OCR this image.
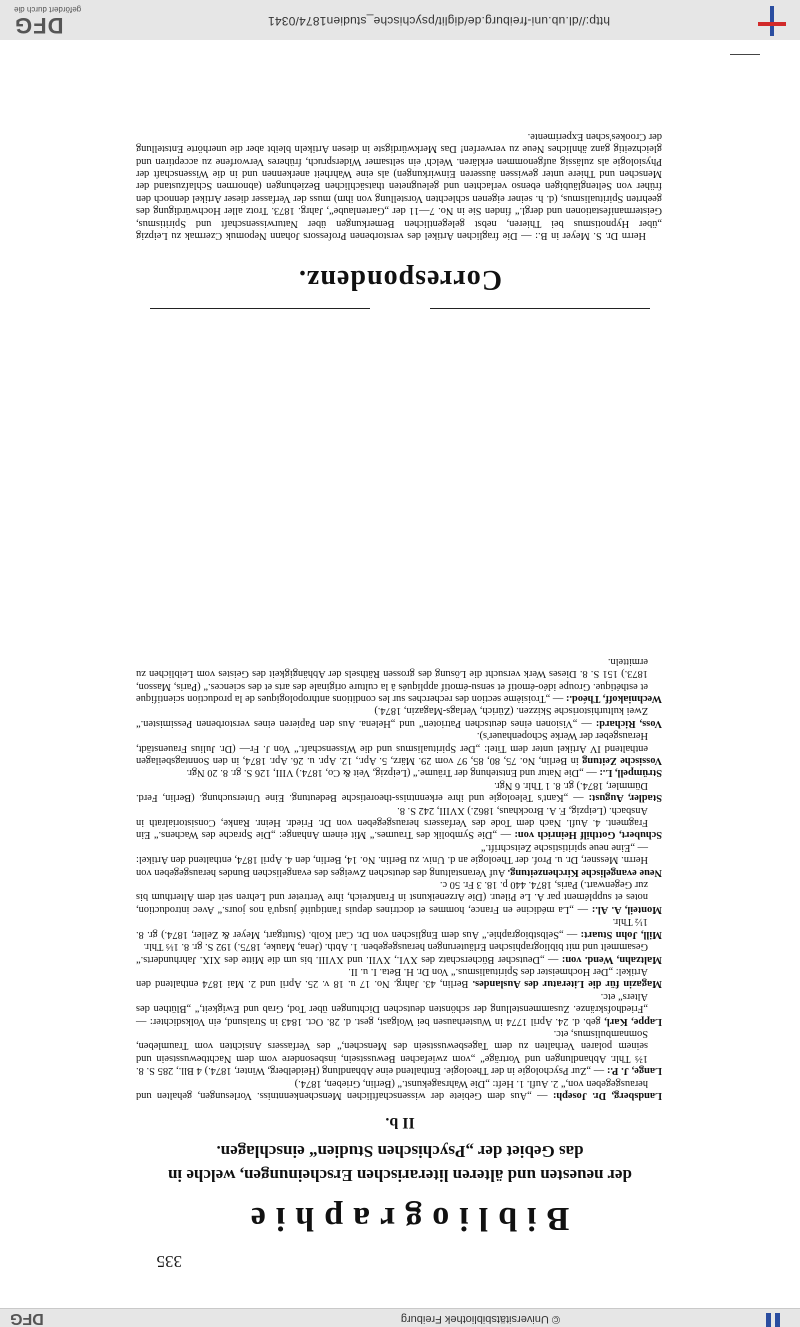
http://dl.ub.uni-freiburg.de/diglit/psychische_studien1874/0341
DFG
gefördert durch die
335
Bibliographie
der neuesten und älteren literarischen Erscheinungen, welche in
das Gebiet der „Psychischen Studien“ einschlagen.
II b.

Landsberg, Dr. Joseph: — „Aus dem Gebiete der wissenschaftlichen Menschenkenntniss. Vorlesungen, gehalten und herausgegeben von,“ 2. Aufl. 1. Heft: „Die Wahrsagekunst.“ (Berlin, Grieben, 1874.)

Lange, J. P.: — „Zur Psychologie in der Theologie. Enthaltend eine Abhandlung (Heidelberg, Winter, 1874.) 4 Bll., 285 S. 8. 1⅔ Thlr. Abhandlungen und Vorträge“ „vom zwiefachen Bewusstsein, insbesondere vom dem Nachtbewusstsein und seinem polaren Verhalten zu dem Tagesbewusstsein des Menschen,“ des Verfassers Ansichten vom Traumleben, Somnambulismus, etc.

Lappe, Karl, geb. d. 24. April 1774 in Wusterhausen bei Wolgast, gest. d. 28. Oct. 1843 in Stralsund, ein Volksdichter: — „Friedhofskränze. Zusammenstellung der schönsten deutschen Dichtungen über Tod, Grab und Ewigkeit,“ „Blüthen des Alters“ etc.

Magazin für die Literatur des Auslandes. Berlin, 43. Jahrg. No. 17 u. 18 v. 25. April und 2. Mai 1874 enthaltend den Artikel: „Der Hochmeister des Spiritualismus.“ Von Dr. H. Beta. I. u. II.

Maltzahn, Wend. von: — „Deutscher Bücherschatz des XVI., XVII. und XVIII. bis um die Mitte des XIX. Jahrhunderts.“ Gesammelt und mit bibliographischen Erläuterungen herausgegeben. 1. Abth. (Jena, Mauke, 1875.) 192 S. gr. 8. 1⅓ Thlr.

Mill, John Stuart: — „Selbstbiographie.“ Aus dem Englischen von Dr. Carl Kolb. (Stuttgart, Meyer & Zeller, 1874.) gr. 8. 1½ Thlr.

Monteil, A. Al.: — „La médicine en France, hommes et doctrines depuis l'antiquité jusqu'à nos jours.“ Avec introduction, notes et supplément par A. Le Pileur. (Die Arzeneikunst in Frankreich, ihre Vertreter und Lehren seit dem Alterthum bis zur Gegenwart.) Paris, 1874. 440 p. 18. 3 Fr. 50 c.

Neue evangelische Kirchenzeitung. Auf Veranstaltung des deutschen Zweiges des evangelischen Bundes herausgegeben von Herrn. Messner, Dr. u. Prof. der Theologie an d. Univ. zu Berlin. No. 14, Berlin, den 4. April 1874, enthaltend den Artikel: — „Eine neue spiritistische Zeitschrift.“

Schubert, Gotthilf Heinrich von: — „Die Symbolik des Traumes.“ Mit einem Anhange: „Die Sprache des Wachens.“ Ein Fragment. 4. Aufl. Nach dem Tode des Verfassers herausgegeben von Dr. Friedr. Heinr. Ranke, Consistorialrath in Ansbach. (Leipzig, F. A. Brockhaus, 1862.) XVIII, 242 S. 8.

Stadler, August: — „Kant's Teleologie und ihre erkenntniss-theoretische Bedeutung. Eine Untersuchung. (Berlin, Ferd. Dümmler, 1874.) gr. 8. 1 Thlr. 6 Ngr.

Strümpell, L.: — „Die Natur und Entstehung der Träume.“ (Leipzig, Veit & Co, 1874.) VIII, 126 S. gr. 8. 20 Ngr.

Vossische Zeitung in Berlin, No. 75, 80, 85, 97 vom 29. März, 5. Apr., 12. Apr. u. 26. Apr. 1874, in den Sonntagsbeilagen enthaltend IV Artikel unter dem Titel: „Der Spiritualismus und die Wissenschaft.“ Von J. Fr— (Dr. Julius Frauenstädt, Herausgeber der Werke Schopenhauer's).

Voss, Richard: — „Visionen eines deutschen Patrioten“ und „Helena. Aus den Papieren eines verstorbenen Pessimisten.“ Zwei kulturhistorische Skizzen. (Zürich, Verlags-Magazin, 1874.)

Wechniakoff, Théod.: — „Troisième section des recherches sur les conditions anthropologiques de la production scientifique et esthétique. Groupe idéo-émotif et sensu-émotif appliqués à la culture originale des arts et des sciences.“ (Paris, Masson, 1873.) 151 S. 8. Dieses Werk versucht die Lösung des grossen Räthsels der Abhängigkeit des Geistes vom Leiblichen zu ermitteln.

Correspondenz.
Herrn Dr. S. Meyer in B.: — Die fraglichen Artikel des verstorbenen Professors Johann Nepomuk Czermak zu Leipzig „über Hypnotismus bei Thieren, nebst gelegentlichen Bemerkungen über Naturwissenschaft und Spiritismus, Geistermanifestationen und dergl.“ finden Sie in No. 7—11 der „Gartenlaube“, Jahrg. 1873. Trotz aller Hochwürdigung des geehrten Spiritualismus, (d. h. seiner eigenen schlechten Vorstellung von ihm) muss der Verfasser dieser Artikel dennoch den früher von Seltengläubigen ebenso verlachten und geleugneten thatsächlichen Beziehungen (abnormen Schlafzustand der Menschen und Thiere unter gewissen äusseren Einwirkungen) als eine Wahrheit anerkennen und in die Wissenschaft der Physiologie als zulässig aufgenommen erklären. Welch' ein seltsamer Widerspruch, früheres Verworfene zu acceptiren und gleichzeitig ganz ähnliches Neue zu verwerfen! Das Merkwürdigste in diesen Artikeln bleibt aber die unerhörte Entstellung der Crookes'schen Experimente.
© Universitätsbibliothek Freiburg
DFG
